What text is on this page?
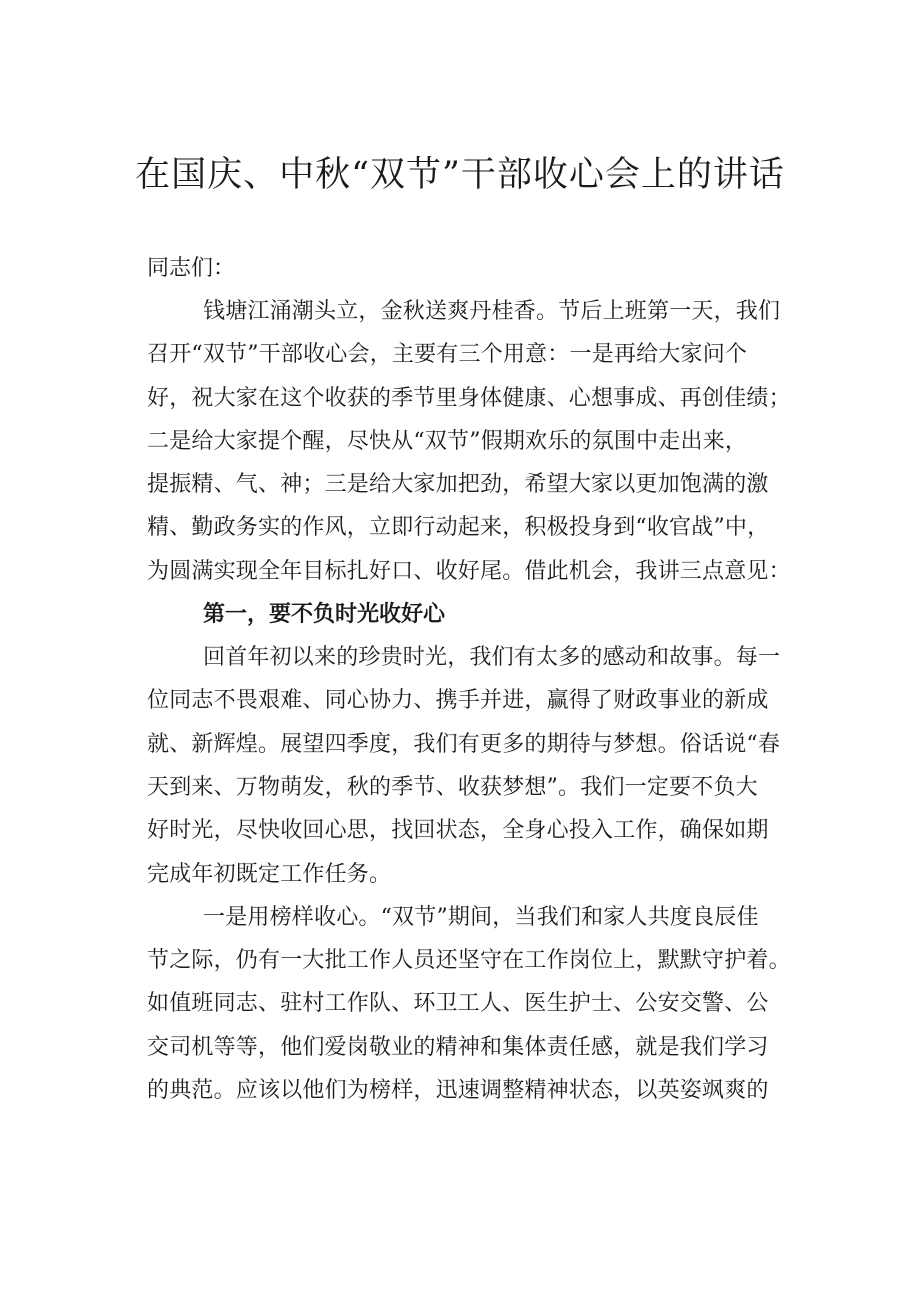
在国庆、中秋“双节”干部收心会上的讲话
同志们：

钱塘江涌潮头立，金秋送爽丹桂香。节后上班第一天，我们
召开“双节”干部收心会，主要有三个用意：一是再给大家问个
好，祝大家在这个收获的季节里身体健康、心想事成、再创佳绩；
二是给大家提个醒，尽快从“双节”假期欢乐的氛围中走出来，
提振精、气、神；三是给大家加把劲，希望大家以更加饱满的激
精、勤政务实的作风，立即行动起来，积极投身到“收官战”中，
为圆满实现全年目标扎好口、收好尾。借此机会，我讲三点意见：

第一，要不负时光收好心

回首年初以来的珍贵时光，我们有太多的感动和故事。每一
位同志不畏艰难、同心协力、携手并进，赢得了财政事业的新成
就、新辉煌。展望四季度，我们有更多的期待与梦想。俗话说“春
天到来、万物萌发，秋的季节、收获梦想”。我们一定要不负大
好时光，尽快收回心思，找回状态，全身心投入工作，确保如期
完成年初既定工作任务。

一是用榜样收心。“双节”期间，当我们和家人共度良辰佳
节之际，仍有一大批工作人员还坚守在工作岗位上，默默守护着。
如值班同志、驻村工作队、环卫工人、医生护士、公安交警、公
交司机等等，他们爱岗敬业的精神和集体责任感，就是我们学习
的典范。应该以他们为榜样，迅速调整精神状态，以英姿飒爽的
